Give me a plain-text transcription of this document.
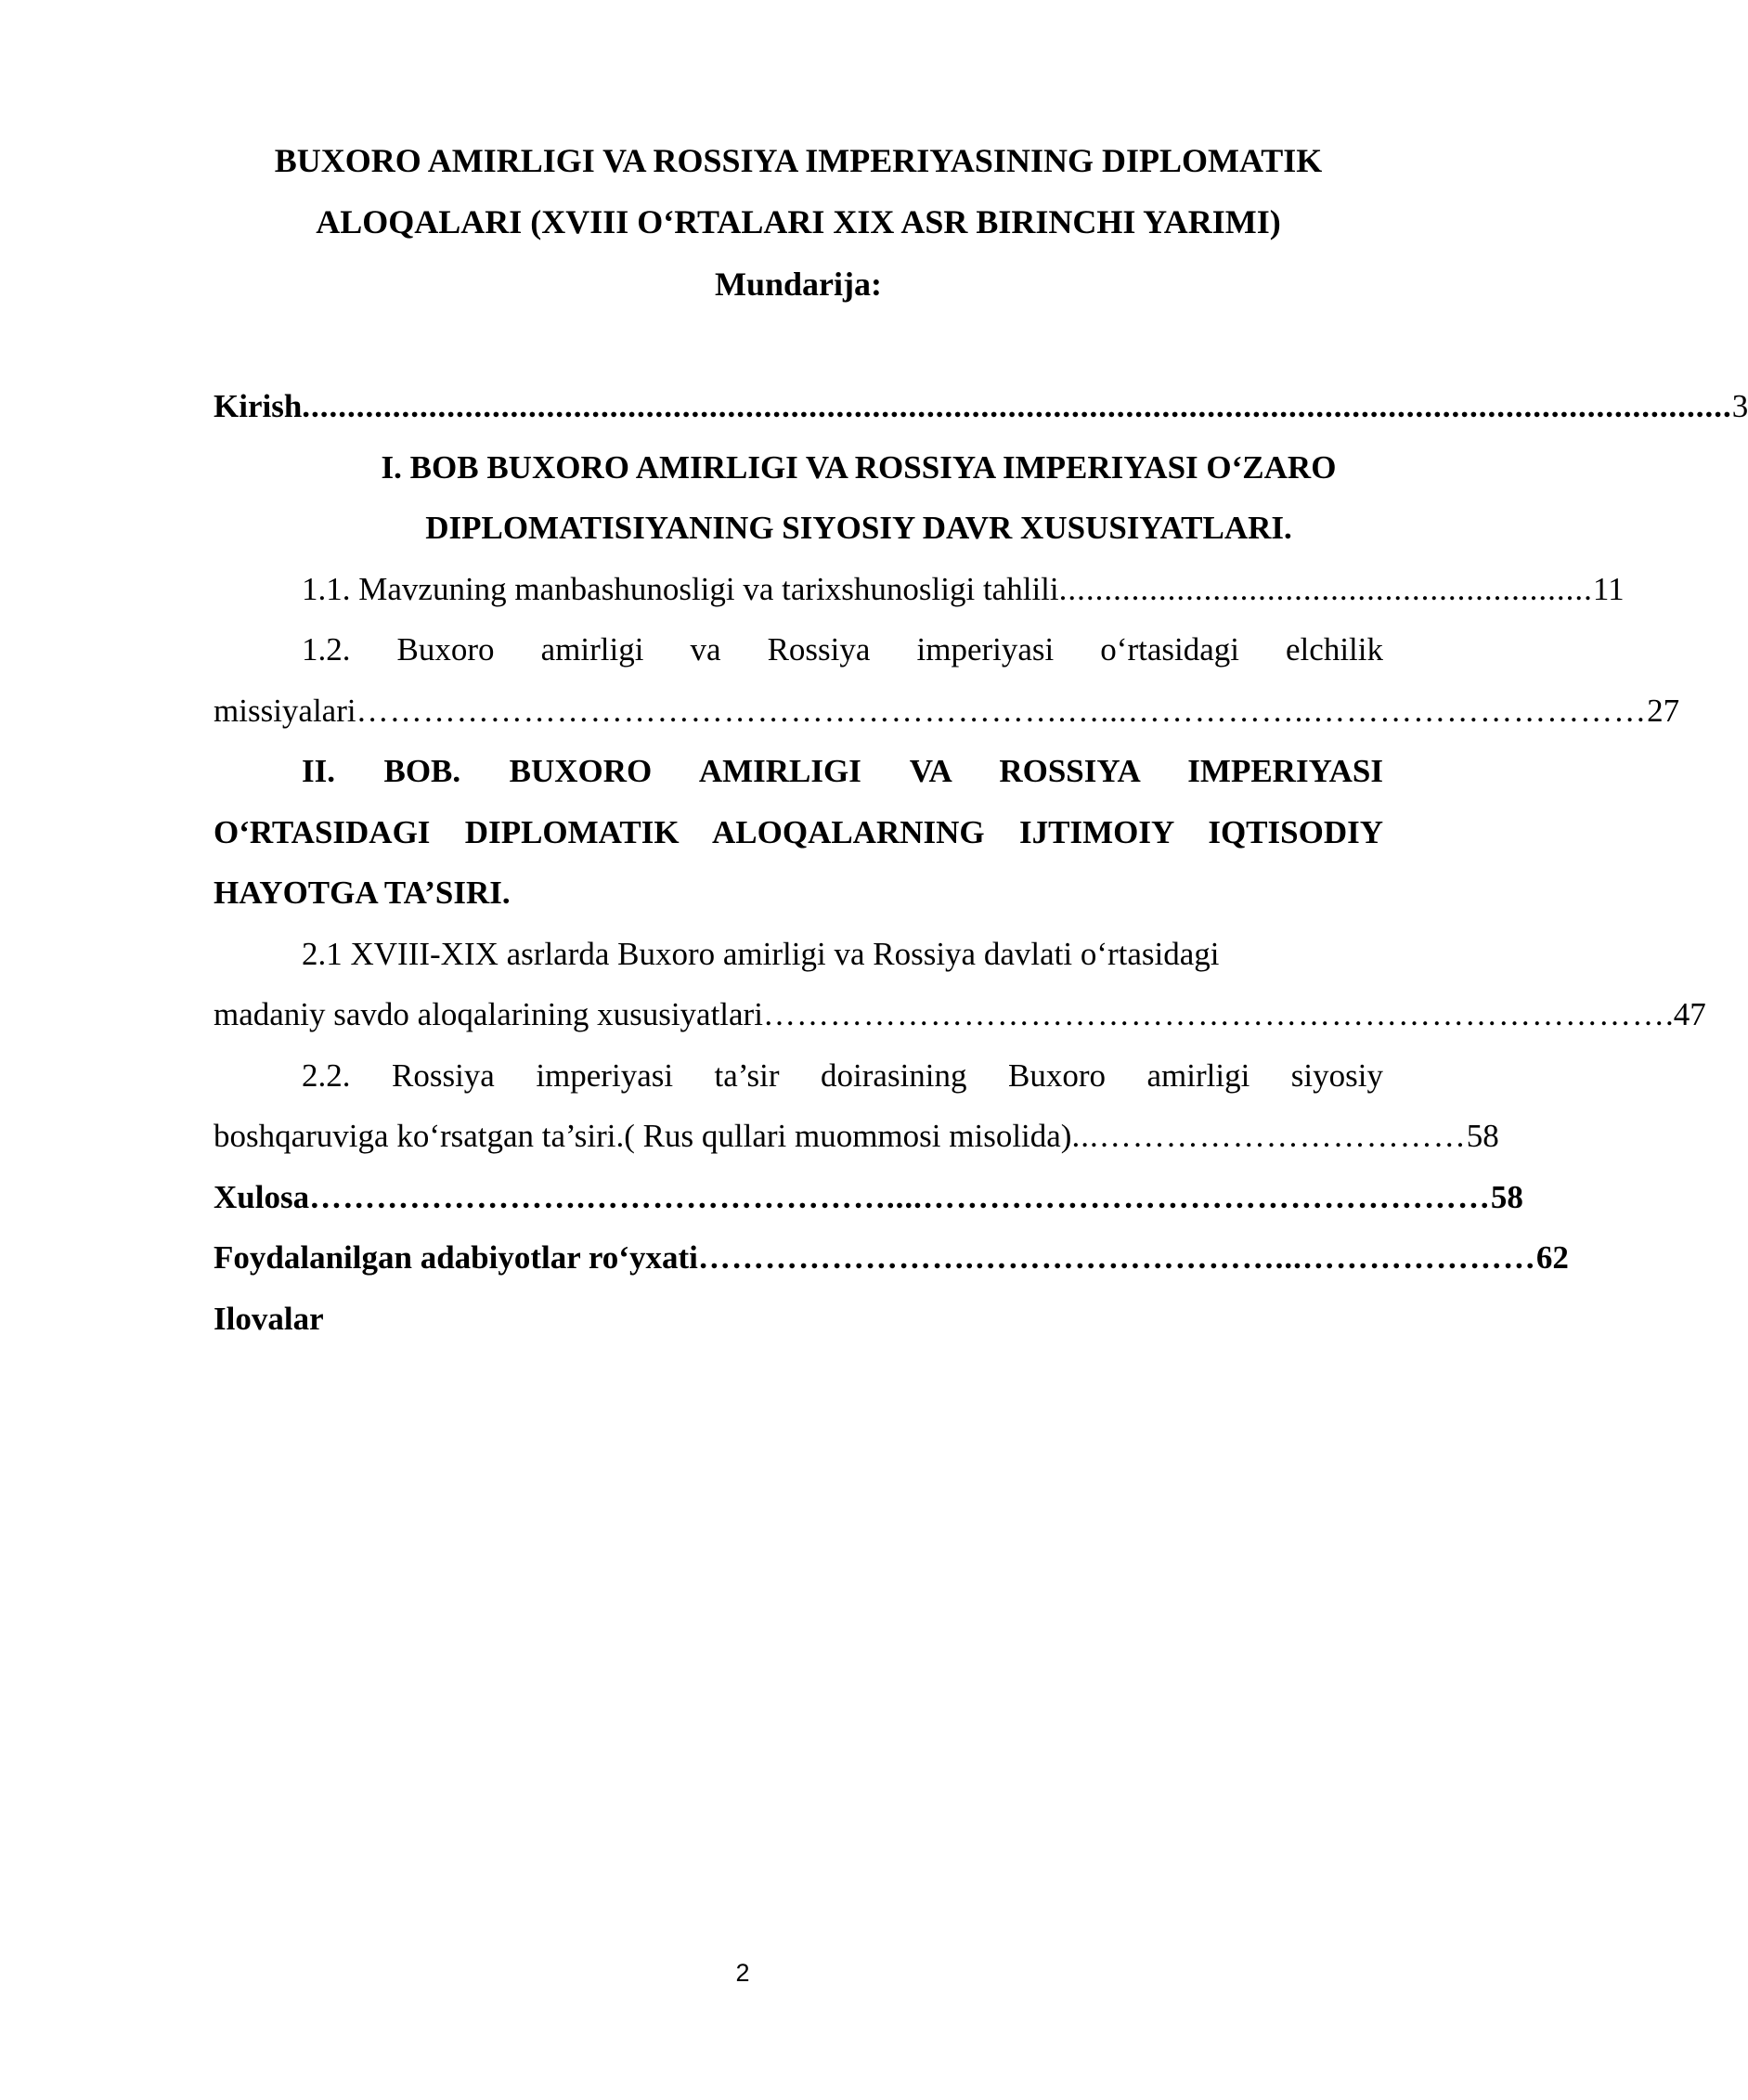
BUXORO AMIRLIGI VA ROSSIYA IMPERIYASINING DIPLOMATIK
ALOQALARI (XVIII O‘RTALARI XIX ASR BIRINCHI YARIMI)
Mundarija:
Kirish .............................................................................................................................................................. 3
I. BOB BUXORO AMIRLIGI VA ROSSIYA IMPERIYASI O‘ZARO
DIPLOMATISIYANING SIYOSIY DAVR XUSUSIYATLARI.
1.1. Mavzuning manbashunosligi va tarixshunosligi tahlili ........................................................... 11
1.2. Buxoro amirligi va Rossiya imperiyasi o‘rtasidagi elchilik
missiyalari ……………………………………………………….…...……………..………………………… 27
II. BOB. BUXORO AMIRLIGI VA ROSSIYA IMPERIYASI
O‘RTASIDAGI DIPLOMATIK ALOQALARNING IJTIMOIY IQTISODIY
HAYOTGA TA’SIRI.
2.1 XVIII-XIX asrlarda Buxoro amirligi va Rossiya davlati o‘rtasidagi
madaniy savdo aloqalarining xususiyatlari ……………………………………………………………………… .47
2.2. Rossiya imperiyasi ta’sir doirasining Buxoro amirligi siyosiy
boshqaruviga ko‘rsatgan ta’siri.( Rus qullari muommosi misolida) ...…………………………… 58
Xulosa …………………….………………………....…………………………………………… 58
Foydalanilgan adabiyotlar ro‘yxati …………………….………………………...………………… 62
Ilovalar
2
